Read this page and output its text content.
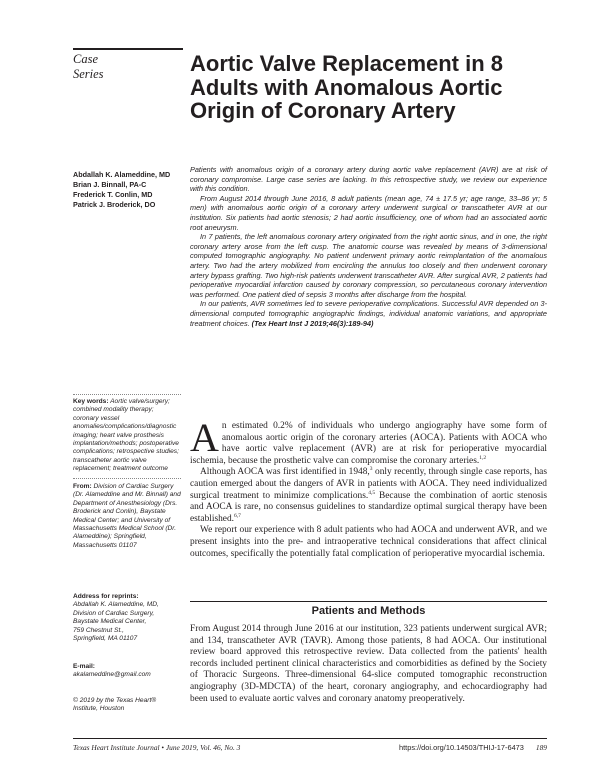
Case
Series	Aortic Valve Replacement in 8 Adults with Anomalous Aortic Origin of Coronary Artery
Abdallah K. Alameddine, MD
Brian J. Binnall, PA-C
Frederick T. Conlin, MD
Patrick J. Broderick, DO

Patients with anomalous origin of a coronary artery during aortic valve replacement (AVR) are at risk of coronary compromise. Large case series are lacking. In this retrospective study, we review our experience with this condition.

From August 2014 through June 2016, 8 adult patients (mean age, 74 ± 17.5 yr; age range, 33–86 yr; 5 men) with anomalous aortic origin of a coronary artery underwent surgical or transcatheter AVR at our institution. Six patients had aortic stenosis; 2 had aortic insufficiency, one of whom had an associated aortic root aneurysm.

In 7 patients, the left anomalous coronary artery originated from the right aortic sinus, and in one, the right coronary artery arose from the left cusp. The anatomic course was revealed by means of 3-dimensional computed tomographic angiography. No patient underwent primary aortic reimplantation of the anomalous artery. Two had the artery mobilized from encircling the annulus too closely and then underwent coronary artery bypass grafting. Two high-risk patients underwent transcatheter AVR. After surgical AVR, 2 patients had perioperative myocardial infarction caused by coronary compression, so percutaneous coronary intervention was performed. One patient died of sepsis 3 months after discharge from the hospital.

In our patients, AVR sometimes led to severe perioperative complications. Successful AVR depended on 3-dimensional computed tomographic angiographic findings, individual anatomic variations, and appropriate treatment choices. (Tex Heart Inst J 2019;46(3):189-94)

Key words: Aortic valve/surgery; combined modality therapy; coronary vessel anomalies/complications/diagnostic imaging; heart valve prosthesis implantation/methods; postoperative complications; retrospective studies; transcatheter aortic valve replacement; treatment outcome
From: Division of Cardiac Surgery (Dr. Alameddine and Mr. Binnall) and Department of Anesthesiology (Drs. Broderick and Conlin), Baystate Medical Center; and University of Massachusetts Medical School (Dr. Alameddine); Springfield, Massachusetts 01107
Address for reprints:
Abdallah K. Alameddine, MD,
Division of Cardiac Surgery,
Baystate Medical Center,
759 Chestnut St.,
Springfield, MA 01107
E-mail:
akalameddine@gmail.com
© 2019 by the Texas Heart® Institute, Houston

An estimated 0.2% of individuals who undergo angiography have some form of anomalous aortic origin of the coronary arteries (AOCA). Patients with AOCA who have aortic valve replacement (AVR) are at risk for perioperative myocardial ischemia, because the prosthetic valve can compromise the coronary arteries.$^{1,2}$

Although AOCA was first identified in 1948,$^3$ only recently, through single case reports, has caution emerged about the dangers of AVR in patients with AOCA. They need individualized surgical treatment to minimize complications.$^{4,5}$ Because the combination of aortic stenosis and AOCA is rare, no consensus guidelines to standardize optimal surgical therapy have been established.$^{6,7}$

We report our experience with 8 adult patients who had AOCA and underwent AVR, and we present insights into the pre- and intraoperative technical considerations that affect clinical outcomes, specifically the potentially fatal complication of perioperative myocardial ischemia.

Patients and Methods

From August 2014 through June 2016 at our institution, 323 patients underwent surgical AVR; and 134, transcatheter AVR (TAVR). Among those patients, 8 had AOCA. Our institutional review board approved this retrospective review. Data collected from the patients' health records included pertinent clinical characteristics and comorbidities as defined by the Society of Thoracic Surgeons. Three-dimensional 64-slice computed tomographic reconstruction angiography (3D-MDCTA) of the heart, coronary angiography, and echocardiography had been used to evaluate aortic valves and coronary anatomy preoperatively.

Texas Heart Institute Journal • June 2019, Vol. 46, No. 3	https://doi.org/10.14503/THIJ-17-6473 189
